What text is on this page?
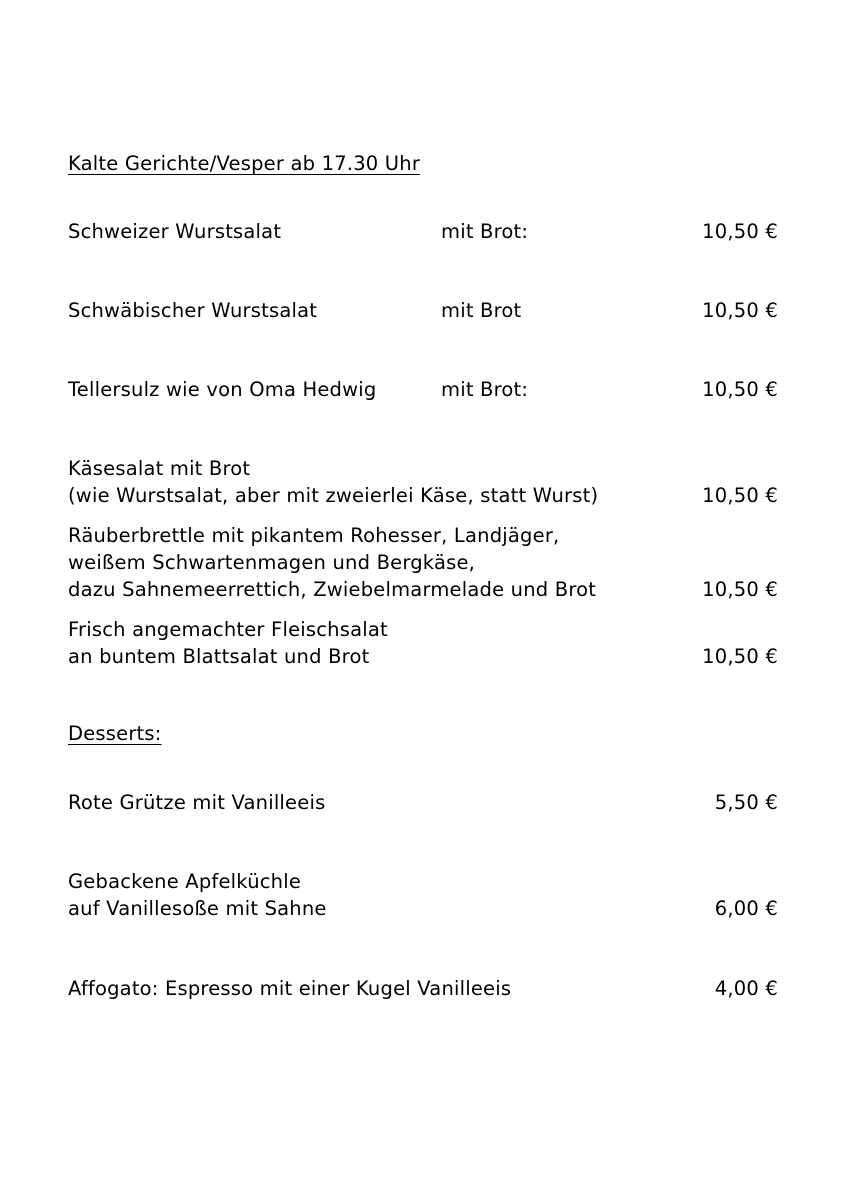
Kalte Gerichte/Vesper ab 17.30 Uhr
Schweizer Wurstsalat	mit Brot:	10,50 €
Schwäbischer Wurstsalat	mit Brot	10,50 €
Tellersulz wie von Oma Hedwig	mit Brot:	10,50 €
Käsesalat mit Brot
(wie Wurstsalat, aber mit zweierlei Käse, statt Wurst)	10,50 €
Räuberbrettle mit pikantem Rohesser, Landjäger,
weißem Schwartenmagen und Bergkäse,
dazu Sahnemeerrettich, Zwiebelmarmelade und Brot	10,50 €
Frisch angemachter Fleischsalat
an buntem Blattsalat und Brot	10,50 €
Desserts:
Rote Grütze mit Vanilleeis	5,50 €
Gebackene Apfelküchle
auf Vanillesoße mit Sahne	6,00 €
Affogato: Espresso mit einer Kugel Vanilleeis	4,00 €
